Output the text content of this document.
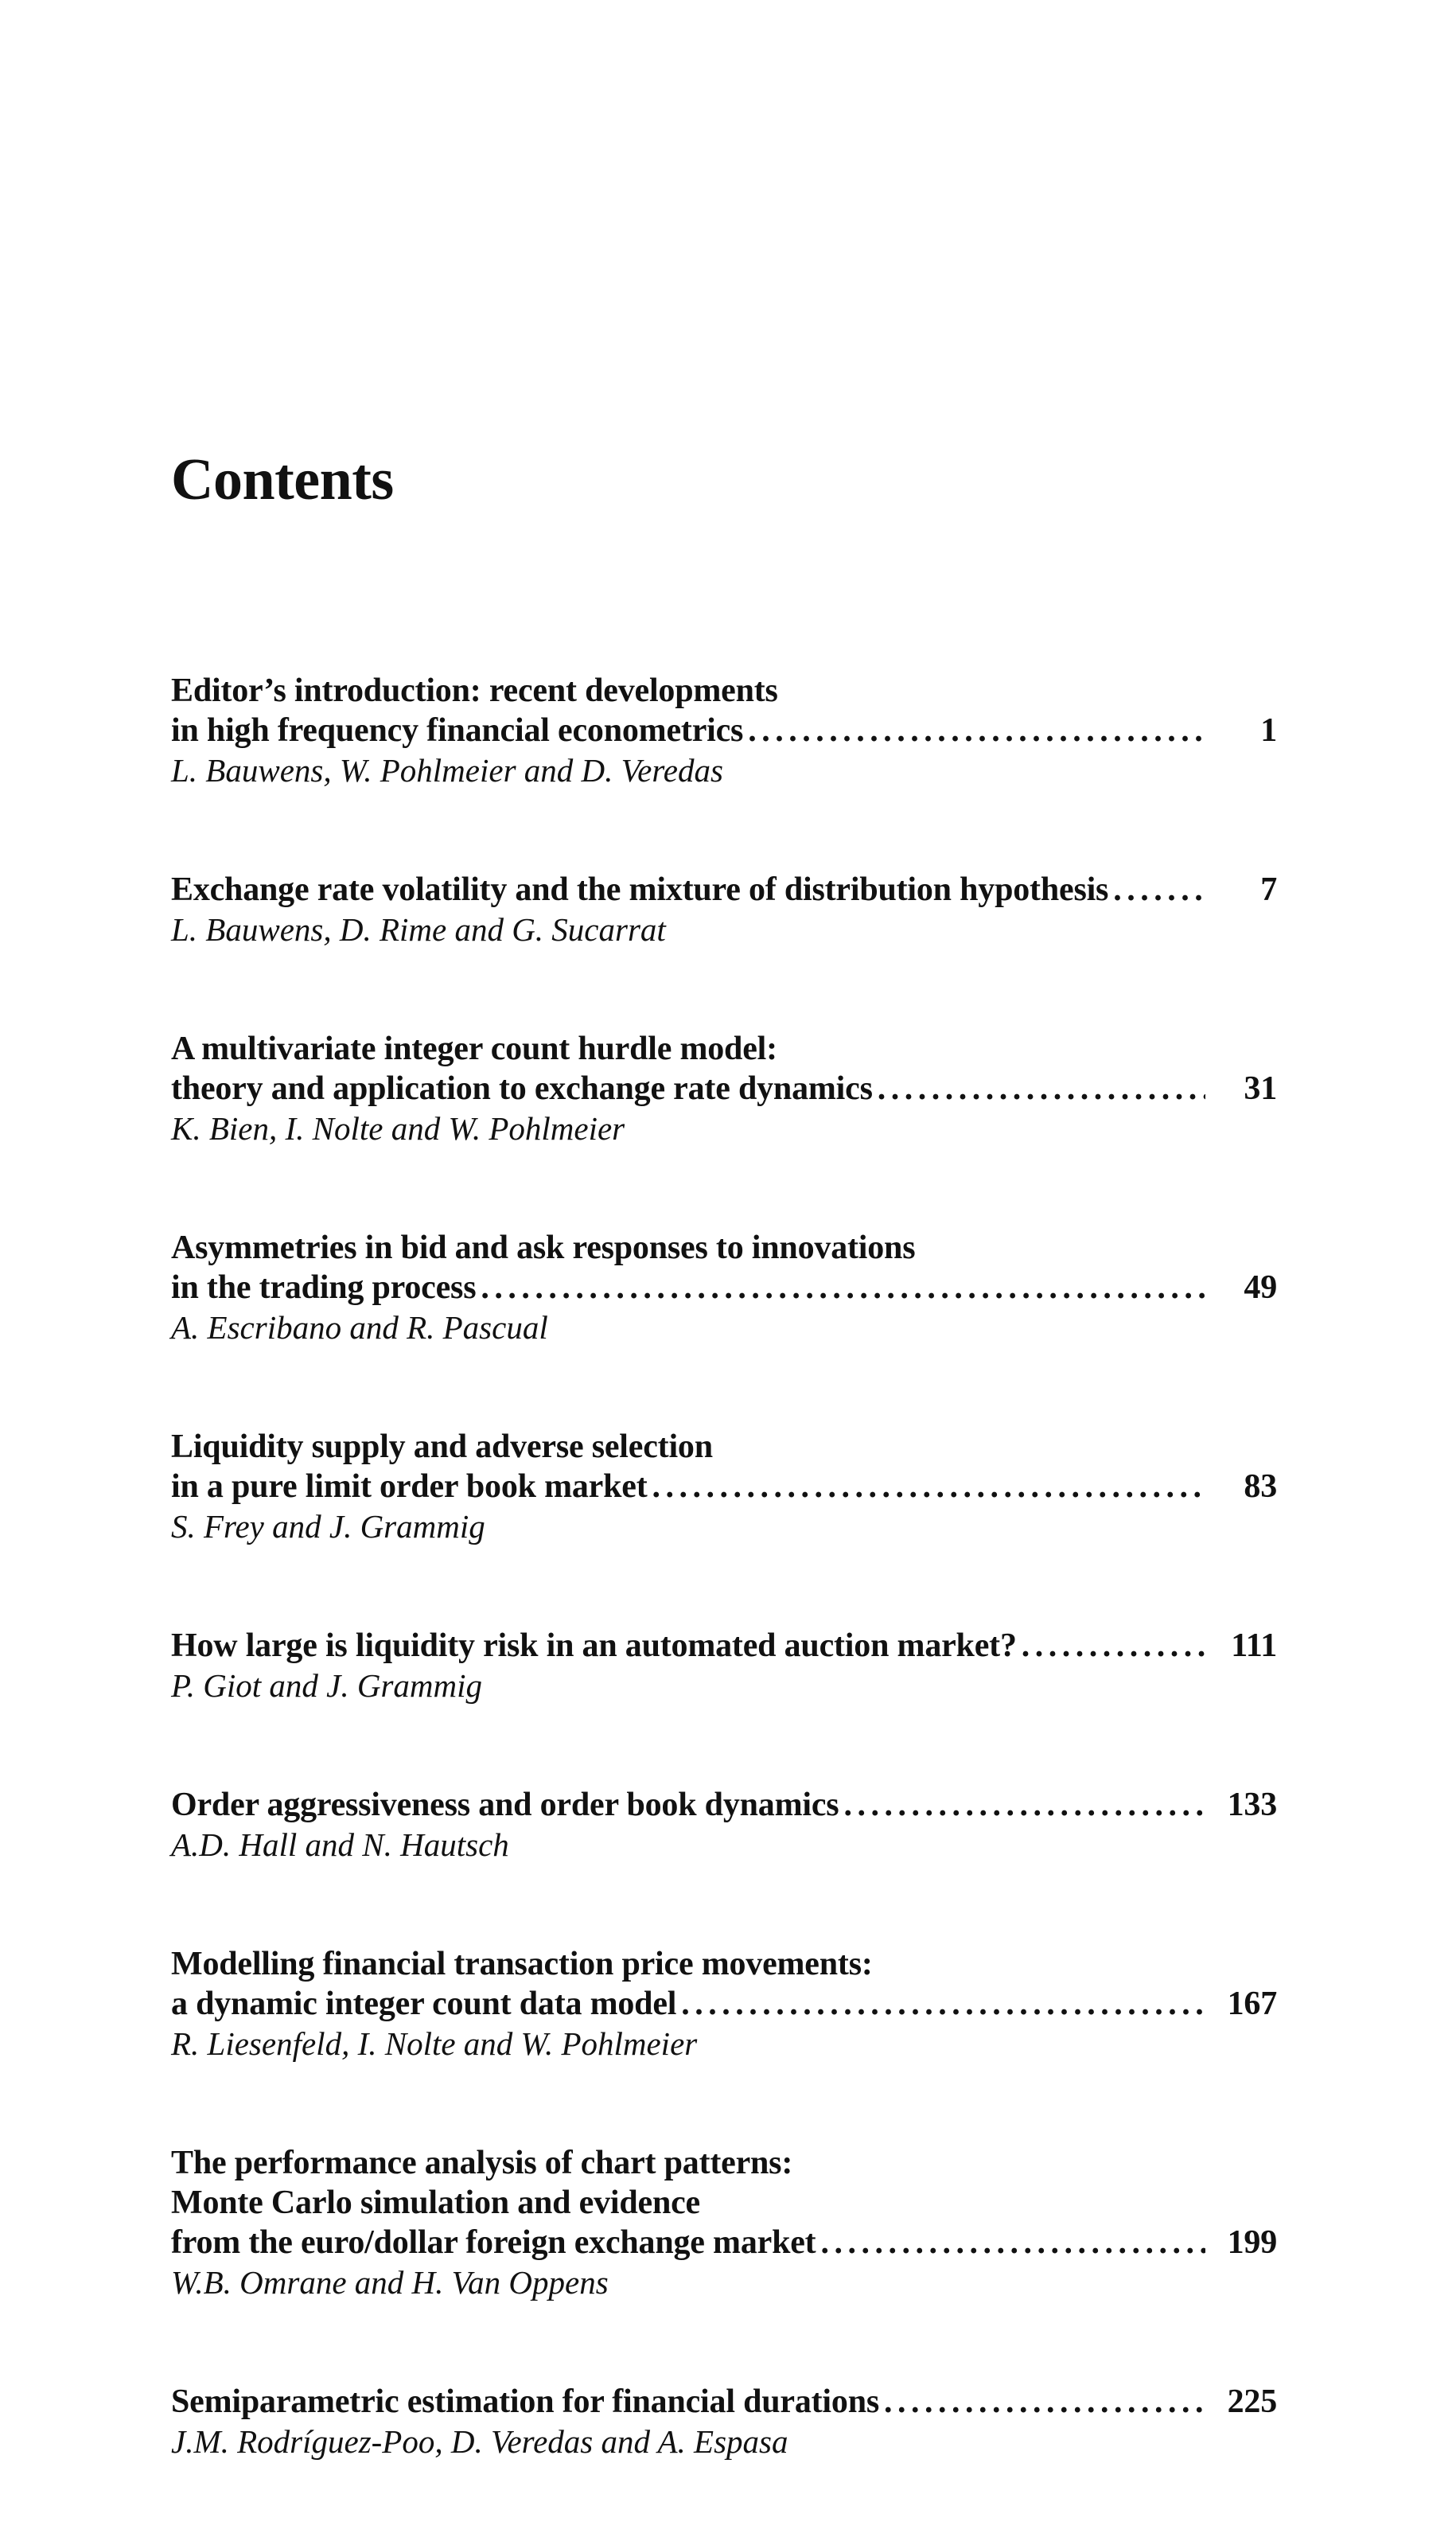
Contents
Editor’s introduction: recent developments
in high frequency financial econometrics . . .	1
L. Bauwens, W. Pohlmeier and D. Veredas
Exchange rate volatility and the mixture of distribution hypothesis . . .	7
L. Bauwens, D. Rime and G. Sucarrat
A multivariate integer count hurdle model:
theory and application to exchange rate dynamics . . .	31
K. Bien, I. Nolte and W. Pohlmeier
Asymmetries in bid and ask responses to innovations
in the trading process . . .	49
A. Escribano and R. Pascual
Liquidity supply and adverse selection
in a pure limit order book market . . .	83
S. Frey and J. Grammig
How large is liquidity risk in an automated auction market? . . .	111
P. Giot and J. Grammig
Order aggressiveness and order book dynamics . . .	133
A.D. Hall and N. Hautsch
Modelling financial transaction price movements:
a dynamic integer count data model . . .	167
R. Liesenfeld, I. Nolte and W. Pohlmeier
The performance analysis of chart patterns:
Monte Carlo simulation and evidence
from the euro/dollar foreign exchange market . . .	199
W.B. Omrane and H. Van Oppens
Semiparametric estimation for financial durations . . .	225
J.M. Rodríguez-Poo, D. Veredas and A. Espasa
